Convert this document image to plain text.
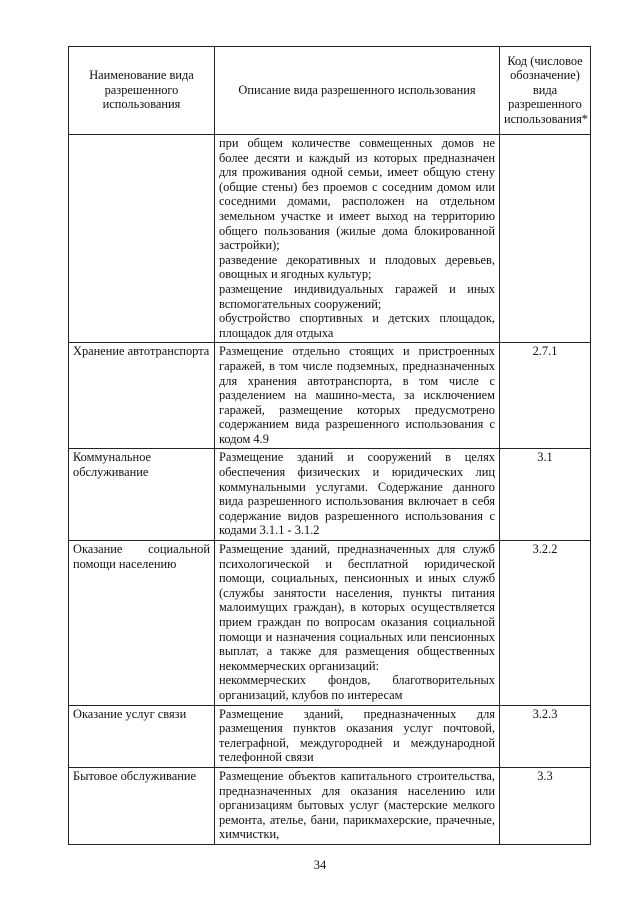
Наименование вида разрешенного использования	Описание вида разрешенного использования	Код (числовое обозначение) вида разрешенного использования*

	при общем количестве совмещенных домов не более десяти и каждый из которых предназначен для проживания одной семьи, имеет общую стену (общие стены) без проемов с соседним домом или соседними домами, расположен на отдельном земельном участке и имеет выход на территорию общего пользования (жилые дома блокированной застройки);
разведение декоративных и плодовых деревьев, овощных и ягодных культур;
размещение индивидуальных гаражей и иных вспомогательных сооружений;
обустройство спортивных и детских площадок, площадок для отдыха	

Хранение автотранспорта	Размещение отдельно стоящих и пристроенных гаражей, в том числе подземных, предназначенных для хранения автотранспорта, в том числе с разделением на машино-места, за исключением гаражей, размещение которых предусмотрено содержанием вида разрешенного использования с кодом 4.9	2.7.1
Коммунальное обслуживание	Размещение зданий и сооружений в целях обеспечения физических и юридических лиц коммунальными услугами. Содержание данного вида разрешенного использования включает в себя содержание видов разрешенного использования с кодами 3.1.1 - 3.1.2	3.1
Оказание социальной помощи населению	Размещение зданий, предназначенных для служб психологической и бесплатной юридической помощи, социальных, пенсионных и иных служб (службы занятости населения, пункты питания малоимущих граждан), в которых осуществляется прием граждан по вопросам оказания социальной помощи и назначения социальных или пенсионных выплат, а также для размещения общественных некоммерческих организаций:
некоммерческих фондов, благотворительных организаций, клубов по интересам	3.2.2
Оказание услуг связи	Размещение зданий, предназначенных для размещения пунктов оказания услуг почтовой, телеграфной, междугородней и международной телефонной связи	3.2.3
Бытовое обслуживание	Размещение объектов капитального строительства, предназначенных для оказания населению или организациям бытовых услуг (мастерские мелкого ремонта, ателье, бани, парикмахерские, прачечные, химчистки,	3.3
34
